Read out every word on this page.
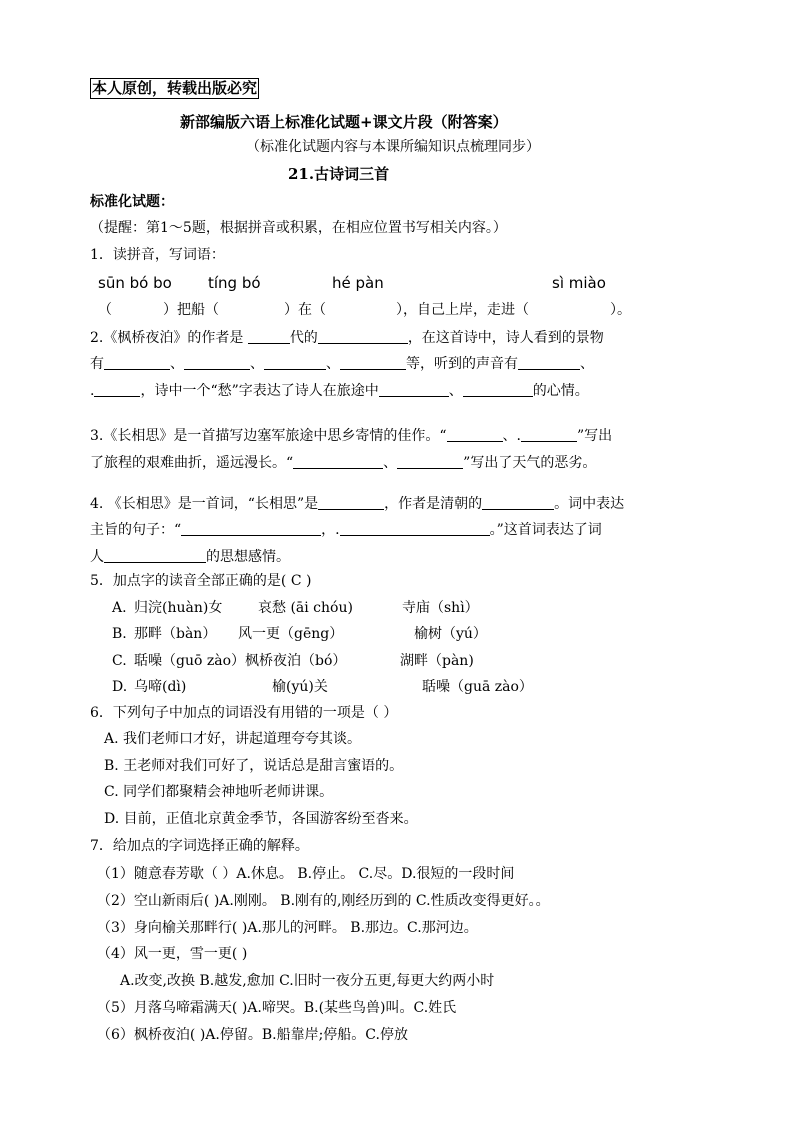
本人原创，转载出版必究
新部编版六语上标准化试题+课文片段（附答案）
（标准化试题内容与本课所编知识点梳理同步）
21.古诗词三首
标准化试题：
（提醒：第1～5题，根据拼音或积累，在相应位置书写相关内容。）
1．读拼音，写词语：
sūn bó bo tíng bó	hé pàn	sì miào
（	）把船（	）在（	），自己上岸，走进（	）。
2.《枫桥夜泊》的作者是	代的	，在这首诗中，诗人看到的景物
有	、	、	、	等，听到的声音有	、
.	，诗中一个“愁”字表达了诗人在旅途中	、	的心情。
3.《长相思》是一首描写边塞军旅途中思乡寄情的佳作。“	、.	”写出
了旅程的艰难曲折，遥远漫长。“	、	”写出了天气的恶劣。
4. 《长相思》是一首词，“长相思”是	，作者是清朝的	。词中表达
主旨的句子：“	，.	。”这首词表达了词
人	的思想感情。
5．加点字的读音全部正确的是( C )
A. 归浣(huàn)女	哀愁 (āi chóu)	寺庙（shì）
B. 那畔（bàn） 风一更（gēng）	榆树（yú）
C. 聒噪（guō zào）枫桥夜泊（bó）	湖畔（pàn)
D. 乌啼(dì)	榆(yú)关	聒噪（guā zào）
6．下列句子中加点的词语没有用错的一项是（ ）
A. 我们老师口才好，讲起道理夸夸其谈。
B. 王老师对我们可好了，说话总是甜言蜜语的。
C. 同学们都聚精会神地听老师讲课。
D. 目前，正值北京黄金季节，各国游客纷至沓来。
7．给加点的字词选择正确的解释。
（1）随意春芳歇（ ）A.休息。 B.停止。 C.尽。D.很短的一段时间
（2）空山新雨后( )A.刚刚。 B.刚有的,刚经历到的 C.性质改变得更好。。
（3）身向榆关那畔行( )A.那儿的河畔。 B.那边。C.那河边。
（4）风一更，雪一更( )
A.改变,改换 B.越发,愈加 C.旧时一夜分五更,每更大约两小时
（5）月落乌啼霜满天( )A.啼哭。B.(某些鸟兽)叫。C.姓氏
（6）枫桥夜泊( )A.停留。B.船靠岸;停船。C.停放
